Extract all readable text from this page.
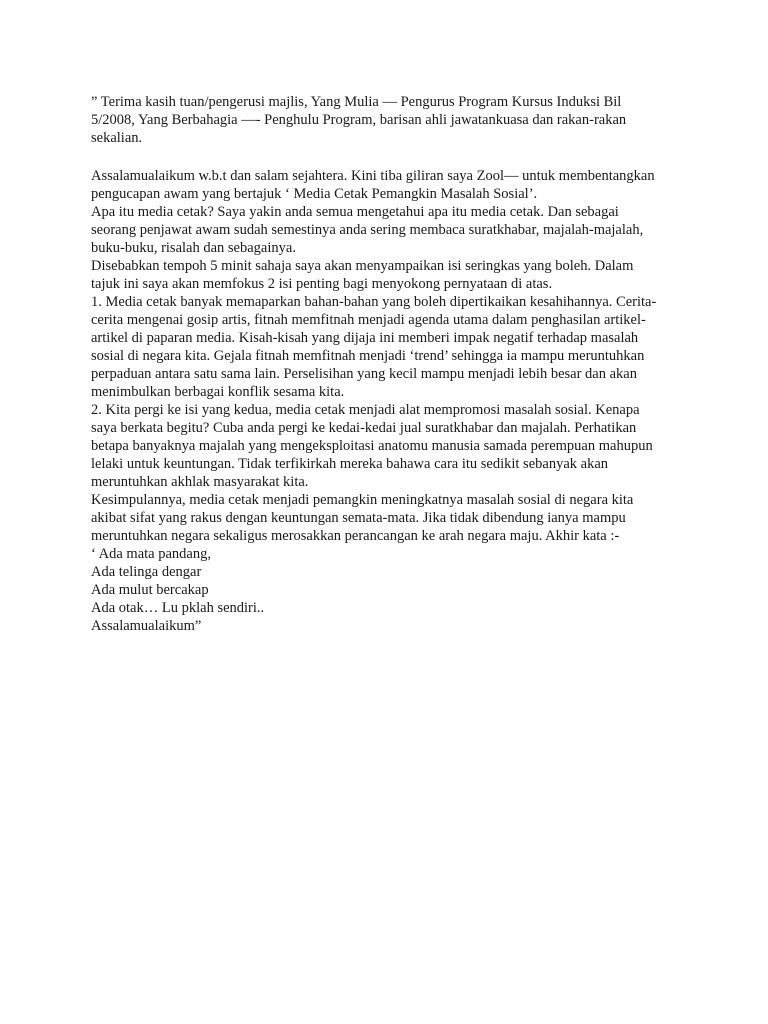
” Terima kasih tuan/pengerusi majlis, Yang Mulia — Pengurus Program Kursus Induksi Bil
5/2008, Yang Berbahagia —- Penghulu Program, barisan ahli jawatankuasa dan rakan-rakan
sekalian.
Assalamualaikum w.b.t dan salam sejahtera. Kini tiba giliran saya Zool— untuk membentangkan
pengucapan awam yang bertajuk ‘ Media Cetak Pemangkin Masalah Sosial’.
Apa itu media cetak? Saya yakin anda semua mengetahui apa itu media cetak. Dan sebagai
seorang penjawat awam sudah semestinya anda sering membaca suratkhabar, majalah-majalah,
buku-buku, risalah dan sebagainya.
Disebabkan tempoh 5 minit sahaja saya akan menyampaikan isi seringkas yang boleh. Dalam
tajuk ini saya akan memfokus 2 isi penting bagi menyokong pernyataan di atas.
1. Media cetak banyak memaparkan bahan-bahan yang boleh dipertikaikan kesahihannya. Cerita-
cerita mengenai gosip artis, fitnah memfitnah menjadi agenda utama dalam penghasilan artikel-
artikel di paparan media. Kisah-kisah yang dijaja ini memberi impak negatif terhadap masalah
sosial di negara kita. Gejala fitnah memfitnah menjadi ‘trend’ sehingga ia mampu meruntuhkan
perpaduan antara satu sama lain. Perselisihan yang kecil mampu menjadi lebih besar dan akan
menimbulkan berbagai konflik sesama kita.
2. Kita pergi ke isi yang kedua, media cetak menjadi alat mempromosi masalah sosial. Kenapa
saya berkata begitu? Cuba anda pergi ke kedai-kedai jual suratkhabar dan majalah. Perhatikan
betapa banyaknya majalah yang mengeksploitasi anatomu manusia samada perempuan mahupun
lelaki untuk keuntungan. Tidak terfikirkah mereka bahawa cara itu sedikit sebanyak akan
meruntuhkan akhlak masyarakat kita.
Kesimpulannya, media cetak menjadi pemangkin meningkatnya masalah sosial di negara kita
akibat sifat yang rakus dengan keuntungan semata-mata. Jika tidak dibendung ianya mampu
meruntuhkan negara sekaligus merosakkan perancangan ke arah negara maju. Akhir kata :-
‘ Ada mata pandang,
Ada telinga dengar
Ada mulut bercakap
Ada otak… Lu pklah sendiri..
Assalamualaikum”
